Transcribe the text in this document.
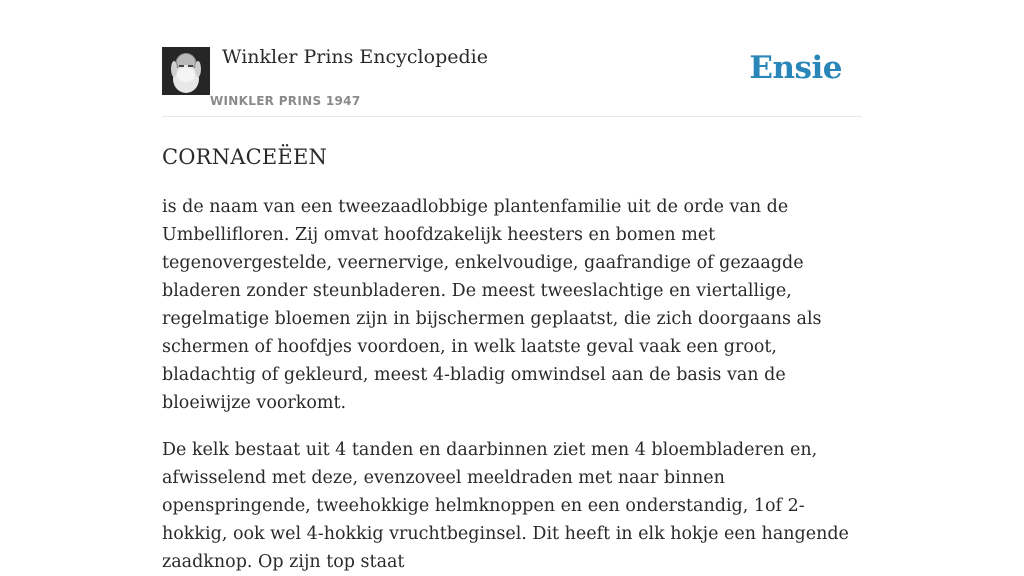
Winkler Prins Encyclopedie
WINKLER PRINS 1947
Ensie
CORNACEËEN

is de naam van een tweezaadlobbige plantenfamilie uit de orde van de Umbellifloren. Zij omvat hoofdzakelijk heesters en bomen met tegenovergestelde, veernervige, enkelvoudige, gaafrandige of gezaagde bladeren zonder steunbladeren. De meest tweeslachtige en viertallige, regelmatige bloemen zijn in bijschermen geplaatst, die zich doorgaans als schermen of hoofdjes voordoen, in welk laatste geval vaak een groot, bladachtig of gekleurd, meest 4-bladig omwindsel aan de basis van de bloeiwijze voorkomt.

De kelk bestaat uit 4 tanden en daarbinnen ziet men 4 bloembladeren en, afwisselend met deze, evenzoveel meeldraden met naar binnen openspringende, tweehokkige helmknoppen en een onderstandig, 1of 2-hokkig, ook wel 4-hokkig vruchtbeginsel. Dit heeft in elk hokje een hangende zaadknop. Op zijn top staat
